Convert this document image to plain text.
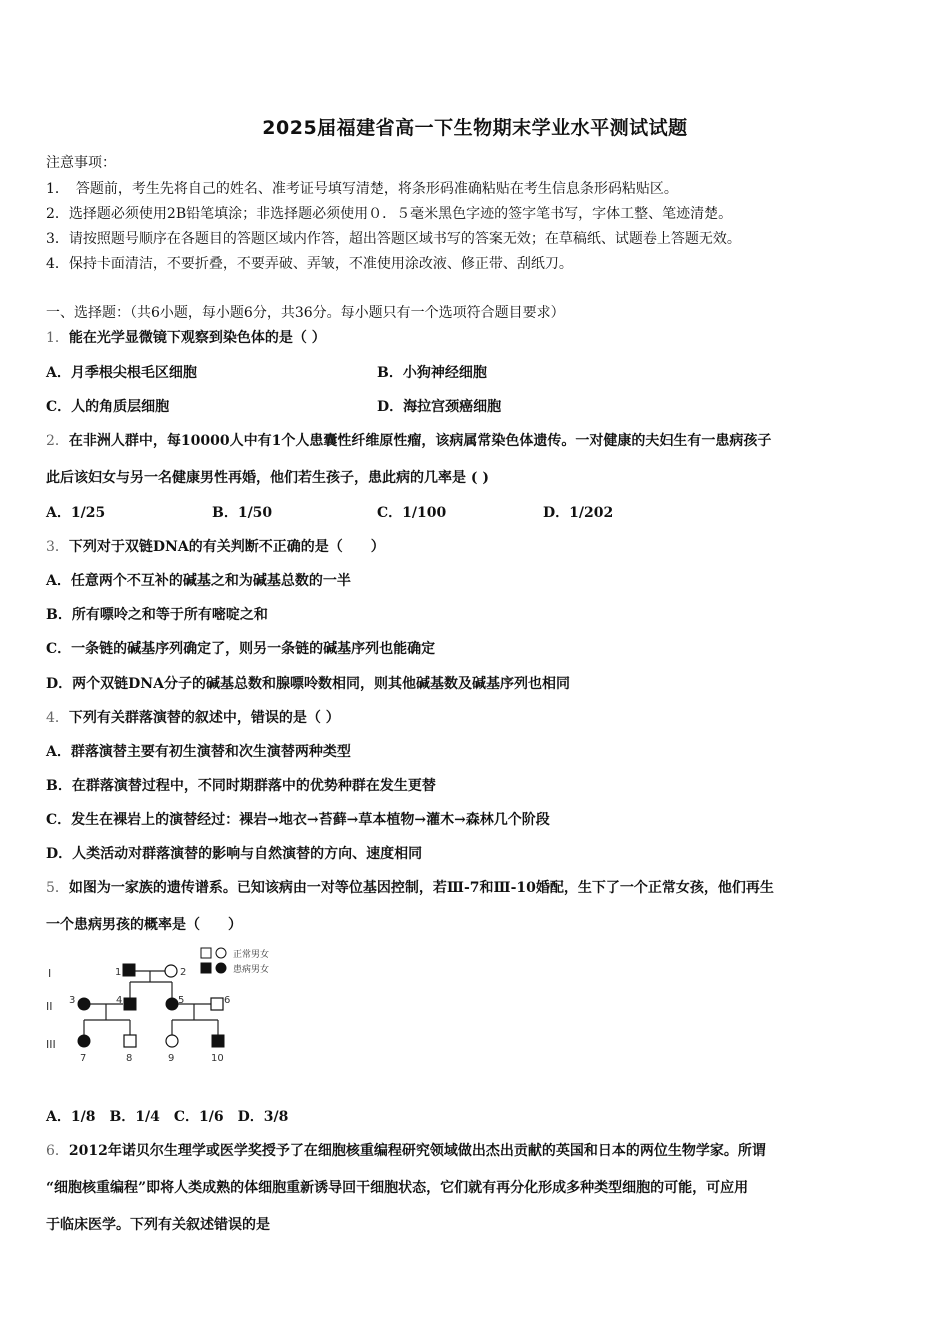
2025届福建省高一下生物期末学业水平测试试题
注意事项：
1．　答题前，考生先将自己的姓名、准考证号填写清楚，将条形码准确粘贴在考生信息条形码粘贴区。
2．选择题必须使用2B铅笔填涂；非选择题必须使用０．５毫米黑色字迹的签字笔书写，字体工整、笔迹清楚。
3．请按照题号顺序在各题目的答题区域内作答，超出答题区域书写的答案无效；在草稿纸、试题卷上答题无效。
4．保持卡面清洁，不要折叠，不要弄破、弄皱，不准使用涂改液、修正带、刮纸刀。
一、选择题：（共6小题，每小题6分，共36分。每小题只有一个选项符合题目要求）
1．能在光学显微镜下观察到染色体的是（ ）
A．月季根尖根毛区细胞	B．小狗神经细胞
C．人的角质层细胞	D．海拉宫颈癌细胞
2．在非洲人群中，每10000人中有1个人患囊性纤维原性瘤，该病属常染色体遗传。一对健康的夫妇生有一患病孩子
此后该妇女与另一名健康男性再婚，他们若生孩子，患此病的几率是 ( )
A．1/25	B．1/50	C．1/100	D．1/202
3．下列对于双链DNA的有关判断不正确的是（　　）
A．任意两个不互补的碱基之和为碱基总数的一半
B．所有嘌呤之和等于所有嘧啶之和
C．一条链的碱基序列确定了，则另一条链的碱基序列也能确定
D．两个双链DNA分子的碱基总数和腺嘌呤数相同，则其他碱基数及碱基序列也相同
4．下列有关群落演替的叙述中，错误的是（ ）
A．群落演替主要有初生演替和次生演替两种类型
B．在群落演替过程中，不同时期群落中的优势种群在发生更替
C．发生在裸岩上的演替经过：裸岩→地衣→苔藓→草本植物→灌木→森林几个阶段
D．人类活动对群落演替的影响与自然演替的方向、速度相同
5．如图为一家族的遗传谱系。已知该病由一对等位基因控制，若Ⅲ-7和Ⅲ-10婚配，生下了一个正常女孩，他们再生
一个患病男孩的概率是（　　）
I
II
III
1	2
3	4	5	6
7	8	9	10
正常男女
患病男女
A．1/8　B．1/4　C．1/6　D．3/8
6．2012年诺贝尔生理学或医学奖授予了在细胞核重编程研究领域做出杰出贡献的英国和日本的两位生物学家。所谓
“细胞核重编程”即将人类成熟的体细胞重新诱导回干细胞状态，它们就有再分化形成多种类型细胞的可能，可应用
于临床医学。下列有关叙述错误的是
